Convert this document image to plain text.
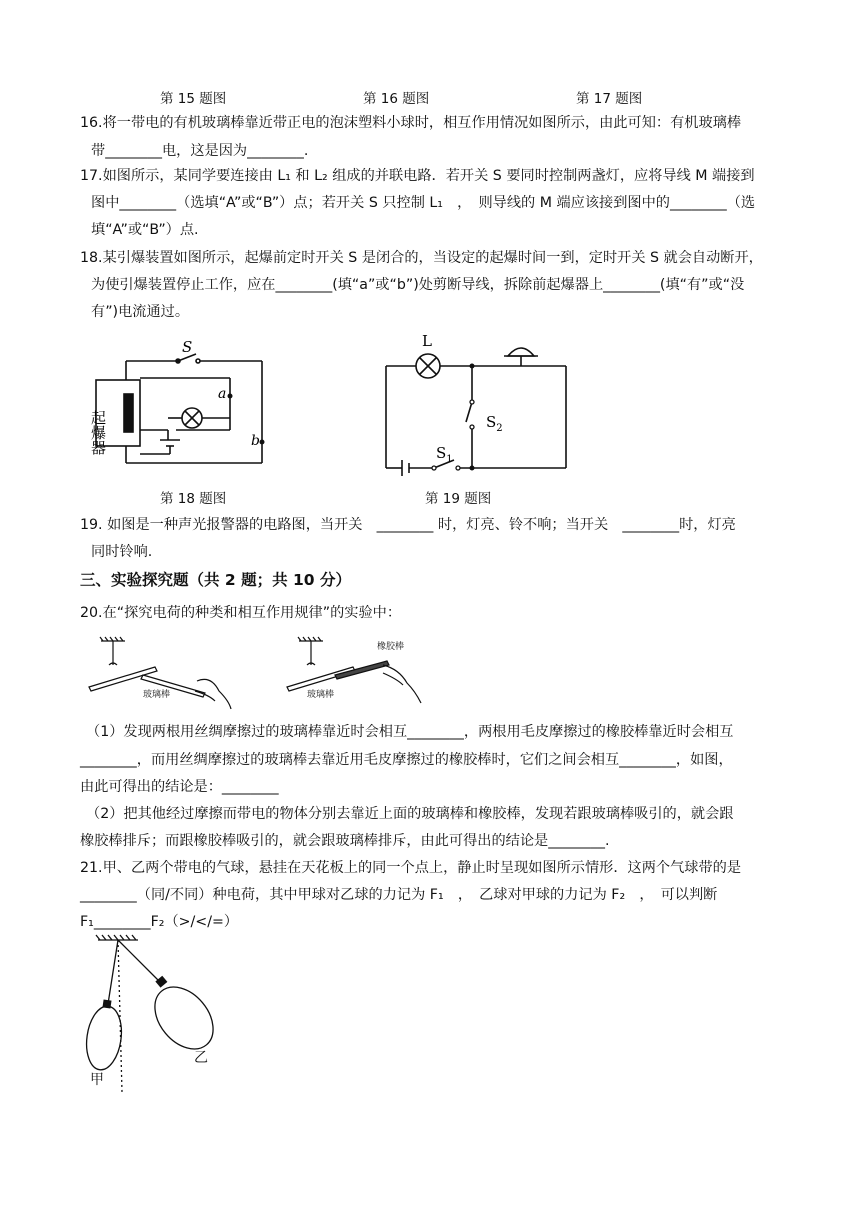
第 15 题图	第 16 题图	第 17 题图
16.将一带电的有机玻璃棒靠近带正电的泡沫塑料小球时，相互作用情况如图所示，由此可知：有机玻璃棒
带________电，这是因为________.
17.如图所示，某同学要连接由 L₁ 和 L₂ 组成的并联电路．若开关 S 要同时控制两盏灯，应将导线 M 端接到
图中________（选填“A”或“B”）点；若开关 S 只控制 L₁　，　则导线的 M 端应该接到图中的________（选
填“A”或“B”）点.
18.某引爆装置如图所示，起爆前定时开关 S 是闭合的，当设定的起爆时间一到，定时开关 S 就会自动断开，
为使引爆装置停止工作，应在________(填“a”或“b”)处剪断导线，拆除前起爆器上________(填“有”或“没
有”)电流通过。
起爆器
S
a
b
L
$S_2$
$S_1$
第 18 题图	第 19 题图
19. 如图是一种声光报警器的电路图，当开关　________ 时，灯亮、铃不响；当开关　________时，灯亮
同时铃响.
三、实验探究题（共 2 题；共 10 分）
20.在“探究电荷的种类和相互作用规律”的实验中：
玻璃棒	玻璃棒
橡胶棒
（1）发现两根用丝绸摩擦过的玻璃棒靠近时会相互________，两根用毛皮摩擦过的橡胶棒靠近时会相互
________，而用丝绸摩擦过的玻璃棒去靠近用毛皮摩擦过的橡胶棒时，它们之间会相互________，如图，
由此可得出的结论是：________
（2）把其他经过摩擦而带电的物体分别去靠近上面的玻璃棒和橡胶棒，发现若跟玻璃棒吸引的，就会跟
橡胶棒排斥；而跟橡胶棒吸引的，就会跟玻璃棒排斥，由此可得出的结论是________.
21.甲、乙两个带电的气球，悬挂在天花板上的同一个点上，静止时呈现如图所示情形．这两个气球带的是
________（同/不同）种电荷，其中甲球对乙球的力记为 F₁　，　乙球对甲球的力记为 F₂　，　可以判断
F₁________F₂（>/</=）
甲
乙
